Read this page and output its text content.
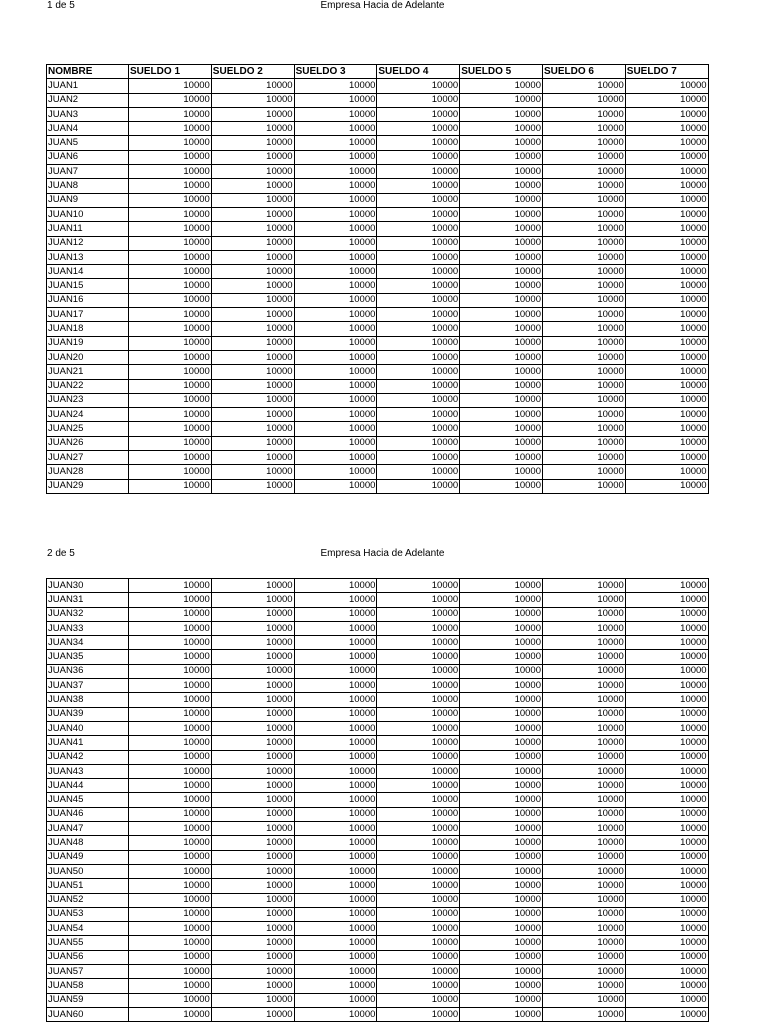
1 de 5	Empresa Hacia de Adelante
NOMBRE	SUELDO 1	SUELDO 2	SUELDO 3	SUELDO 4	SUELDO 5	SUELDO 6	SUELDO 7
JUAN1	10000	10000	10000	10000	10000	10000	10000
JUAN2	10000	10000	10000	10000	10000	10000	10000
JUAN3	10000	10000	10000	10000	10000	10000	10000
JUAN4	10000	10000	10000	10000	10000	10000	10000
JUAN5	10000	10000	10000	10000	10000	10000	10000
JUAN6	10000	10000	10000	10000	10000	10000	10000
JUAN7	10000	10000	10000	10000	10000	10000	10000
JUAN8	10000	10000	10000	10000	10000	10000	10000
JUAN9	10000	10000	10000	10000	10000	10000	10000
JUAN10	10000	10000	10000	10000	10000	10000	10000
JUAN11	10000	10000	10000	10000	10000	10000	10000
JUAN12	10000	10000	10000	10000	10000	10000	10000
JUAN13	10000	10000	10000	10000	10000	10000	10000
JUAN14	10000	10000	10000	10000	10000	10000	10000
JUAN15	10000	10000	10000	10000	10000	10000	10000
JUAN16	10000	10000	10000	10000	10000	10000	10000
JUAN17	10000	10000	10000	10000	10000	10000	10000
JUAN18	10000	10000	10000	10000	10000	10000	10000
JUAN19	10000	10000	10000	10000	10000	10000	10000
JUAN20	10000	10000	10000	10000	10000	10000	10000
JUAN21	10000	10000	10000	10000	10000	10000	10000
JUAN22	10000	10000	10000	10000	10000	10000	10000
JUAN23	10000	10000	10000	10000	10000	10000	10000
JUAN24	10000	10000	10000	10000	10000	10000	10000
JUAN25	10000	10000	10000	10000	10000	10000	10000
JUAN26	10000	10000	10000	10000	10000	10000	10000
JUAN27	10000	10000	10000	10000	10000	10000	10000
JUAN28	10000	10000	10000	10000	10000	10000	10000
JUAN29	10000	10000	10000	10000	10000	10000	10000
2 de 5	Empresa Hacia de Adelante
JUAN30	10000	10000	10000	10000	10000	10000	10000
JUAN31	10000	10000	10000	10000	10000	10000	10000
JUAN32	10000	10000	10000	10000	10000	10000	10000
JUAN33	10000	10000	10000	10000	10000	10000	10000
JUAN34	10000	10000	10000	10000	10000	10000	10000
JUAN35	10000	10000	10000	10000	10000	10000	10000
JUAN36	10000	10000	10000	10000	10000	10000	10000
JUAN37	10000	10000	10000	10000	10000	10000	10000
JUAN38	10000	10000	10000	10000	10000	10000	10000
JUAN39	10000	10000	10000	10000	10000	10000	10000
JUAN40	10000	10000	10000	10000	10000	10000	10000
JUAN41	10000	10000	10000	10000	10000	10000	10000
JUAN42	10000	10000	10000	10000	10000	10000	10000
JUAN43	10000	10000	10000	10000	10000	10000	10000
JUAN44	10000	10000	10000	10000	10000	10000	10000
JUAN45	10000	10000	10000	10000	10000	10000	10000
JUAN46	10000	10000	10000	10000	10000	10000	10000
JUAN47	10000	10000	10000	10000	10000	10000	10000
JUAN48	10000	10000	10000	10000	10000	10000	10000
JUAN49	10000	10000	10000	10000	10000	10000	10000
JUAN50	10000	10000	10000	10000	10000	10000	10000
JUAN51	10000	10000	10000	10000	10000	10000	10000
JUAN52	10000	10000	10000	10000	10000	10000	10000
JUAN53	10000	10000	10000	10000	10000	10000	10000
JUAN54	10000	10000	10000	10000	10000	10000	10000
JUAN55	10000	10000	10000	10000	10000	10000	10000
JUAN56	10000	10000	10000	10000	10000	10000	10000
JUAN57	10000	10000	10000	10000	10000	10000	10000
JUAN58	10000	10000	10000	10000	10000	10000	10000
JUAN59	10000	10000	10000	10000	10000	10000	10000
JUAN60	10000	10000	10000	10000	10000	10000	10000
